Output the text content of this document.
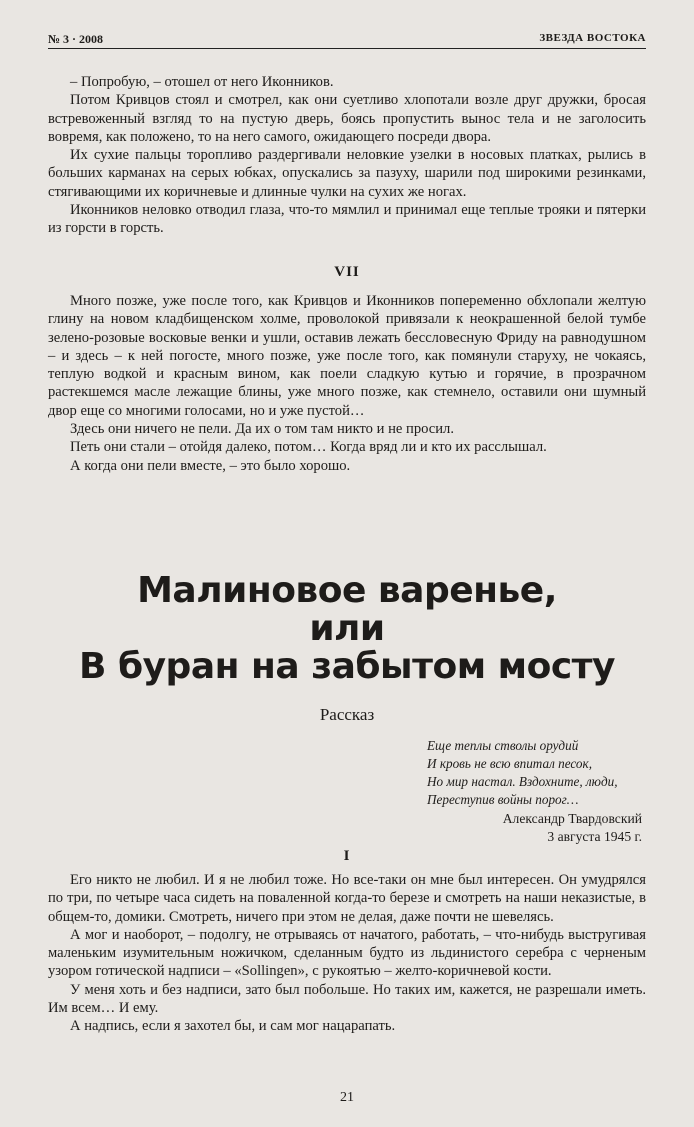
№ 3 · 2008	ЗВЕЗДА ВОСТОКА

– Попробую, – отошел от него Иконников.

Потом Кривцов стоял и смотрел, как они суетливо хлопотали возле друг дружки, бросая встревоженный взгляд то на пустую дверь, боясь пропустить вынос тела и не заголосить вовремя, как положено, то на него самого, ожидающего посреди двора.

Их сухие пальцы торопливо раздергивали неловкие узелки в носовых платках, рылись в больших карманах на серых юбках, опускались за пазуху, шарили под широкими резинками, стягивающими их коричневые и длинные чулки на сухих же ногах.

Иконников неловко отводил глаза, что-то мямлил и принимал еще теплые трояки и пятерки из горсти в горсть.

VII

Много позже, уже после того, как Кривцов и Иконников попеременно обхлопали желтую глину на новом кладбищенском холме, проволокой привязали к неокрашенной белой тумбе зелено-розовые восковые венки и ушли, оставив лежать бессловесную Фриду на равнодушном – и здесь – к ней погосте, много позже, уже после того, как помянули старуху, не чокаясь, теплую водкой и красным вином, как поели сладкую кутью и горячие, в прозрачном растекшемся масле лежащие блины, уже много позже, как стемнело, оставили они шумный двор еще со многими голосами, но и уже пустой…

Здесь они ничего не пели. Да их о том там никто и не просил.

Петь они стали – отойдя далеко, потом… Когда вряд ли и кто их расслышал.

А когда они пели вместе, – это было хорошо.

Малиновое варенье,
или
В буран на забытом мосту
Рассказ
Еще теплы стволы орудий
И кровь не всю впитал песок,
Но мир настал. Вздохните, люди,
Переступив войны порог…
Александр Твардовский
3 августа 1945 г.
I

Его никто не любил. И я не любил тоже. Но все-таки он мне был интересен. Он умудрялся по три, по четыре часа сидеть на поваленной когда-то березе и смотреть на наши неказистые, в общем-то, домики. Смотреть, ничего при этом не делая, даже почти не шевелясь.

А мог и наоборот, – подолгу, не отрываясь от начатого, работать, – что-нибудь выстругивая маленьким изумительным ножичком, сделанным будто из льдинистого серебра с черненым узором готической надписи – «Sollingen», с рукоятью – желто-коричневой кости.

У меня хоть и без надписи, зато был побольше. Но таких им, кажется, не разрешали иметь. Им всем… И ему.

А надпись, если я захотел бы, и сам мог нацарапать.

21
